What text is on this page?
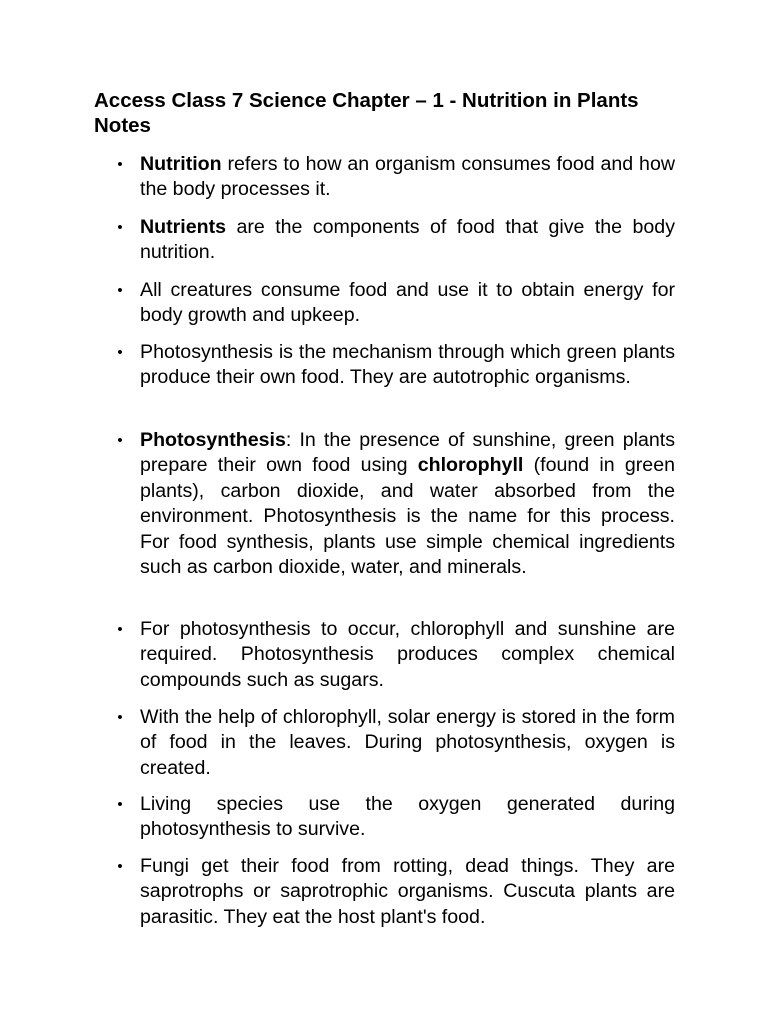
Access Class 7 Science Chapter – 1 - Nutrition in Plants Notes
• Nutrition refers to how an organism consumes food and how the body processes it.
• Nutrients are the components of food that give the body nutrition.
• All creatures consume food and use it to obtain energy for body growth and upkeep.
• Photosynthesis is the mechanism through which green plants produce their own food. They are autotrophic organisms.
• Photosynthesis: In the presence of sunshine, green plants prepare their own food using chlorophyll (found in green plants), carbon dioxide, and water absorbed from the environment. Photosynthesis is the name for this process. For food synthesis, plants use simple chemical ingredients such as carbon dioxide, water, and minerals.
• For photosynthesis to occur, chlorophyll and sunshine are required. Photosynthesis produces complex chemical compounds such as sugars.
• With the help of chlorophyll, solar energy is stored in the form of food in the leaves. During photosynthesis, oxygen is created.
• Living species use the oxygen generated during photosynthesis to survive.
• Fungi get their food from rotting, dead things. They are saprotrophs or saprotrophic organisms. Cuscuta plants are parasitic. They eat the host plant's food.
